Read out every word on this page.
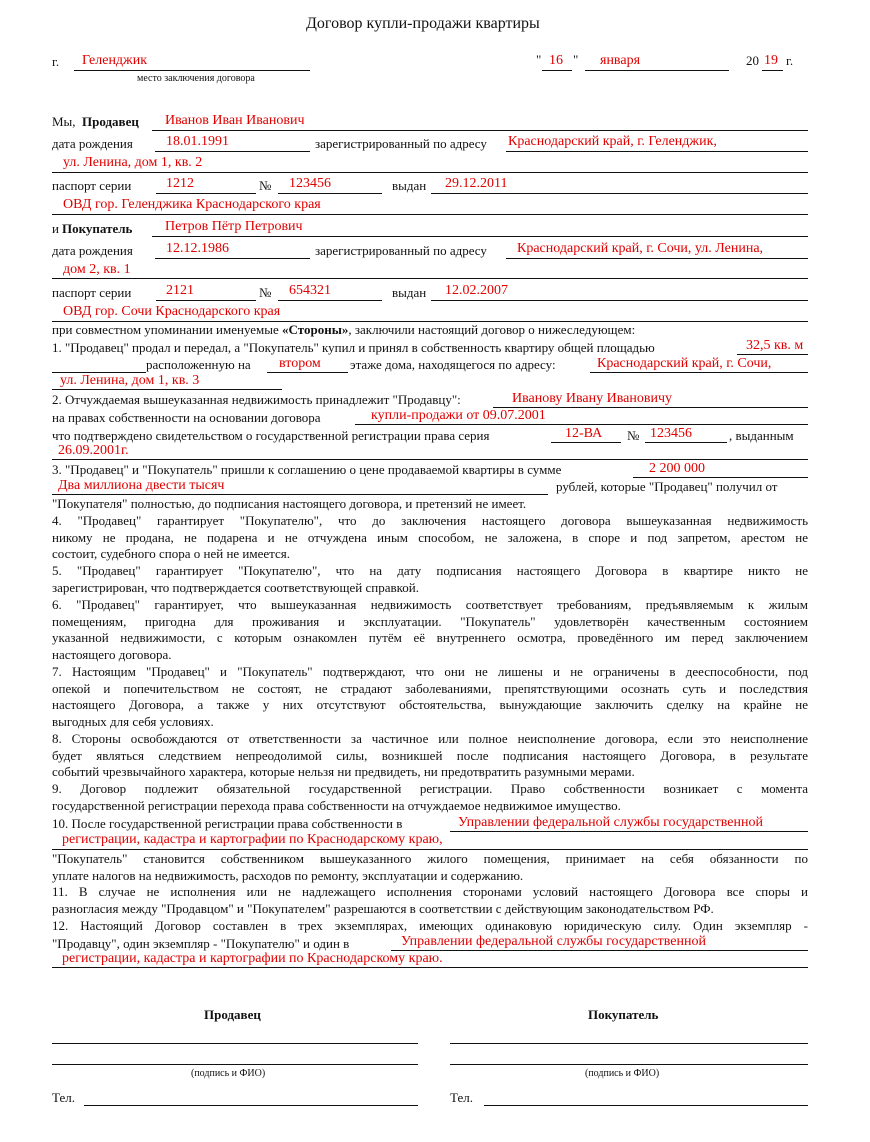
Договор купли-продажи квартиры
г. Геленджик
место заключения договора
" 16 " января	20 19 г.
Мы, Продавец Иванов Иван Иванович
дата рождения 18.01.1991	зарегистрированный по адресу Краснодарский край, г. Геленджик,
ул. Ленина, дом 1, кв. 2
паспорт серии 1212	№ 123456	выдан 29.12.2011
ОВД гор. Геленджика Краснодарского края
и Покупатель Петров Пётр Петрович
дата рождения 12.12.1986	зарегистрированный по адресу Краснодарский край, г. Сочи, ул. Ленина,
дом 2, кв. 1
паспорт серии 2121	№ 654321	выдан 12.02.2007
ОВД гор. Сочи Краснодарского края
при совместном упоминании именуемые «Стороны», заключили настоящий договор о нижеследующем:
1. "Продавец" продал и передал, а "Покупатель" купил и принял в собственность квартиру общей площадью	32,5 кв. м
расположенную на втором этаже дома, находящегося по адресу:	Краснодарский край, г. Сочи,
ул. Ленина, дом 1, кв. 3
2. Отчуждаемая вышеуказанная недвижимость принадлежит "Продавцу":	Иванову Ивану Ивановичу
на правах собственности на основании договора	купли-продажи от 09.07.2001
что подтверждено свидетельством о государственной регистрации права серия	12-ВА № 123456	, выданным
26.09.2001г.
3. "Продавец" и "Покупатель" пришли к соглашению о цене продаваемой квартиры в сумме	2 200 000
Два миллиона двести тысяч	рублей, которые "Продавец" получил от
"Покупателя" полностью, до подписания настоящего договора, и претензий не имеет.
4. "Продавец" гарантирует "Покупателю", что до заключения настоящего договора вышеуказанная недвижимость
никому не продана, не подарена и не отчуждена иным способом, не заложена, в споре и под запретом, арестом не
состоит, судебного спора о ней не имеется.
5. "Продавец" гарантирует "Покупателю", что на дату подписания настоящего Договора в квартире никто не
зарегистрирован, что подтверждается соответствующей справкой.
6. "Продавец" гарантирует, что вышеуказанная недвижимость соответствует требованиям, предъявляемым к жилым
помещениям, пригодна для проживания и эксплуатации. "Покупатель" удовлетворён качественным состоянием
указанной недвижимости, с которым ознакомлен путём её внутреннего осмотра, проведённого им перед заключением
настоящего договора.
7. Настоящим "Продавец" и "Покупатель" подтверждают, что они не лишены и не ограничены в дееспособности, под
опекой и попечительством не состоят, не страдают заболеваниями, препятствующими осознать суть и последствия
настоящего Договора, а также у них отсутствуют обстоятельства, вынуждающие заключить сделку на крайне не
выгодных для себя условиях.
8. Стороны освобождаются от ответственности за частичное или полное неисполнение договора, если это неисполнение
будет являться следствием непреодолимой силы, возникшей после подписания настоящего Договора, в результате
событий чрезвычайного характера, которые нельзя ни предвидеть, ни предотвратить разумными мерами.
9. Договор подлежит обязательной государственной регистрации. Право собственности возникает с момента
государственной регистрации перехода права собственности на отчуждаемое недвижимое имущество.
10. После государственной регистрации права собственности в	Управлении федеральной службы государственной
регистрации, кадастра и картографии по Краснодарскому краю,
"Покупатель" становится собственником вышеуказанного жилого помещения, принимает на себя обязанности по
уплате налогов на недвижимость, расходов по ремонту, эксплуатации и содержанию.
11. В случае не исполнения или не надлежащего исполнения сторонами условий настоящего Договора все споры и
разногласия между "Продавцом" и "Покупателем" разрешаются в соответствии с действующим законодательством РФ.
12. Настоящий Договор составлен в трех экземплярах, имеющих одинаковую юридическую силу. Один экземпляр -
"Продавцу", один экземпляр - "Покупателю" и один в	Управлении федеральной службы государственной
регистрации, кадастра и картографии по Краснодарскому краю.
Продавец	Покупатель
(подпись и ФИО)	(подпись и ФИО)
Тел.	Тел.
